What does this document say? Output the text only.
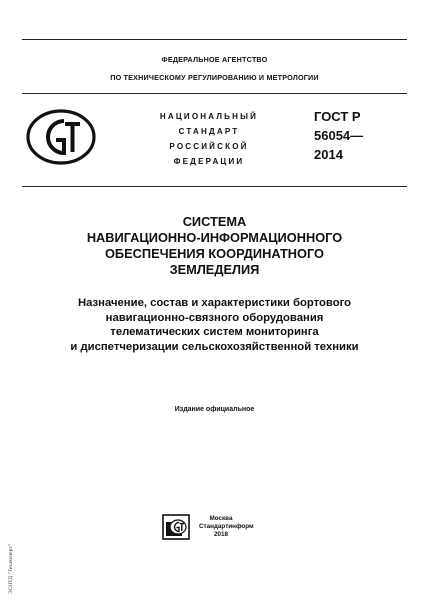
ФЕДЕРАЛЬНОЕ АГЕНТСТВО
ПО ТЕХНИЧЕСКОМУ РЕГУЛИРОВАНИЮ И МЕТРОЛОГИИ
НАЦИОНАЛЬНЫЙ
СТАНДАРТ
РОССИЙСКОЙ
ФЕДЕРАЦИИ
ГОСТ Р
56054—
2014
СИСТЕМА
НАВИГАЦИОННО-ИНФОРМАЦИОННОГО
ОБЕСПЕЧЕНИЯ КООРДИНАТНОГО
ЗЕМЛЕДЕЛИЯ
Назначение, состав и характеристики бортового
навигационно-связного оборудования
телематических систем мониторинга
и диспетчеризации сельскохозяйственной техники
Издание официальное
Москва
Стандартинформ
2018
ЭСНТД "Техэксперт"
